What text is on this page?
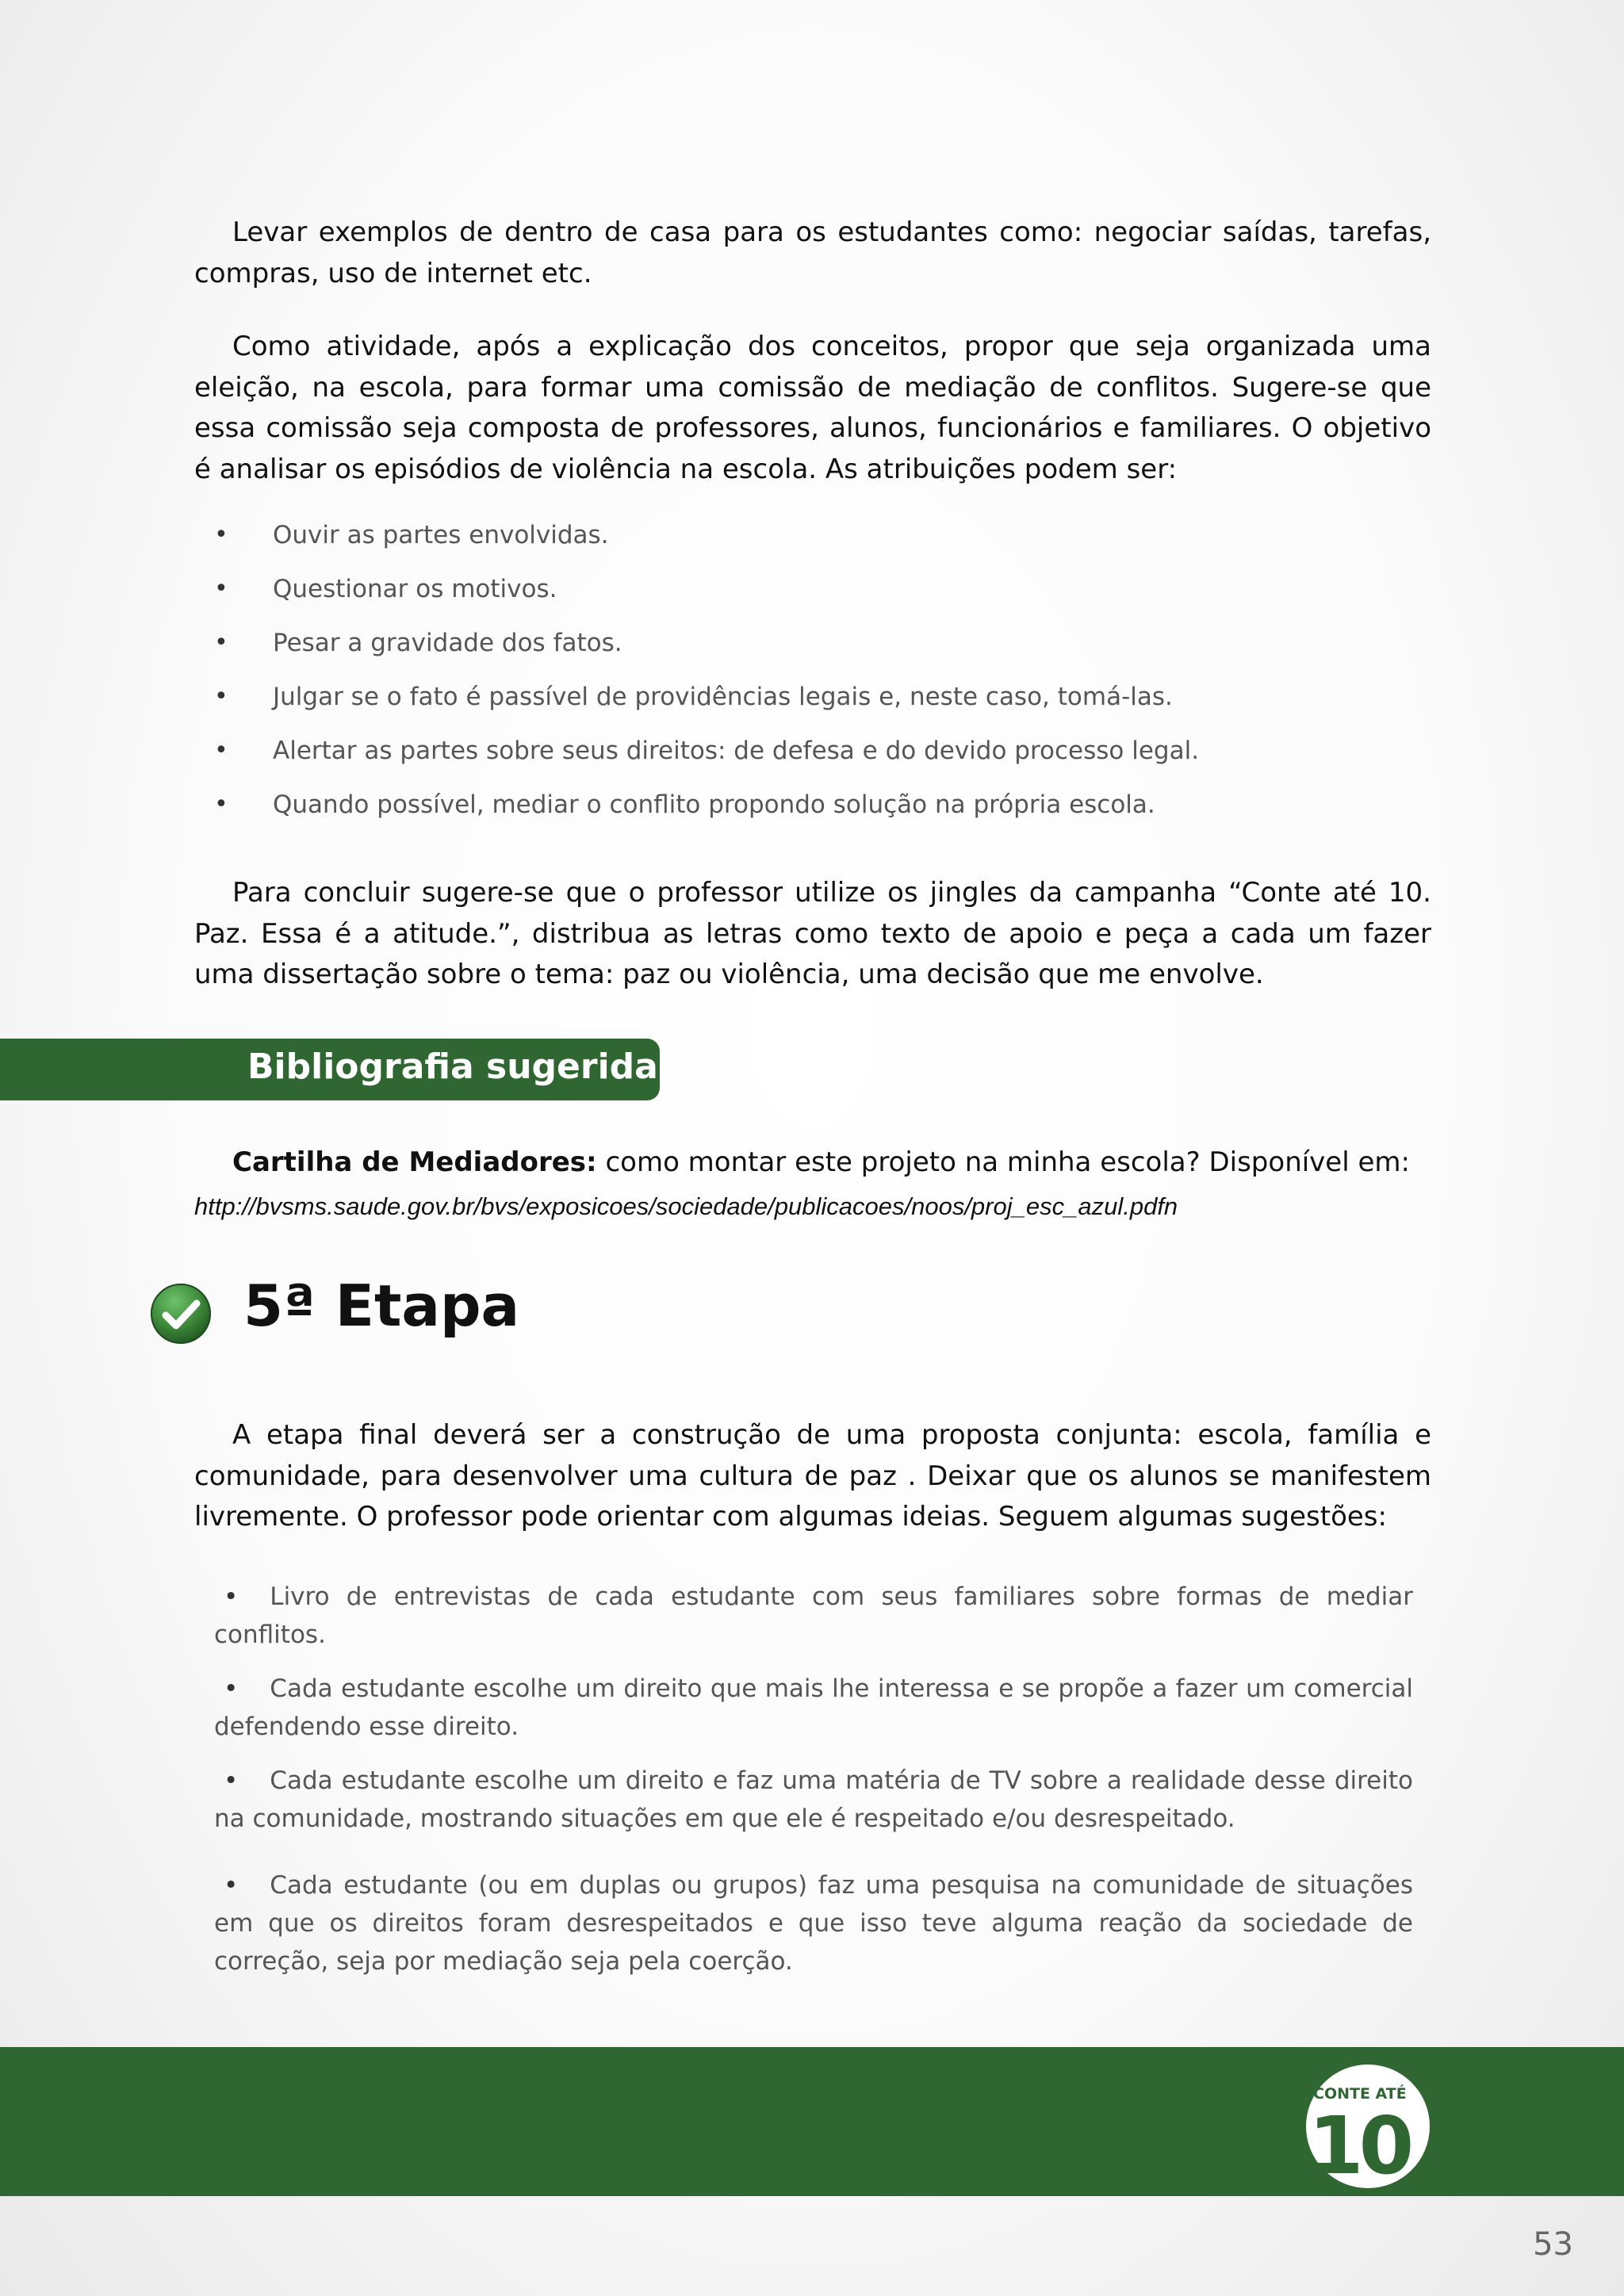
Levar exemplos de dentro de casa para os estudantes como: negociar saídas, tarefas, compras, uso de internet etc.

Como atividade, após a explicação dos conceitos, propor que seja organizada uma eleição, na escola, para formar uma comissão de mediação de conflitos. Sugere-se que essa comissão seja composta de professores, alunos, funcionários e familiares. O objetivo é analisar os episódios de violência na escola. As atribuições podem ser:

• Ouvir as partes envolvidas.
• Questionar os motivos.
• Pesar a gravidade dos fatos.
• Julgar se o fato é passível de providências legais e, neste caso, tomá-las.
• Alertar as partes sobre seus direitos: de defesa e do devido processo legal.
• Quando possível, mediar o conflito propondo solução na própria escola.

Para concluir sugere-se que o professor utilize os jingles da campanha “Conte até 10. Paz. Essa é a atitude.”, distribua as letras como texto de apoio e peça a cada um fazer uma dissertação sobre o tema: paz ou violência, uma decisão que me envolve.

Bibliografia sugerida

Cartilha de Mediadores: como montar este projeto na minha escola? Disponível em:

http://bvsms.saude.gov.br/bvs/exposicoes/sociedade/publicacoes/noos/proj_esc_azul.pdfn

5ª Etapa

A etapa final deverá ser a construção de uma proposta conjunta: escola, família e comunidade, para desenvolver uma cultura de paz . Deixar que os alunos se manifestem livremente. O professor pode orientar com algumas ideias. Seguem algumas sugestões:

• Livro de entrevistas de cada estudante com seus familiares sobre formas de mediar conflitos.
• Cada estudante escolhe um direito que mais lhe interessa e se propõe a fazer um comercial defendendo esse direito.
• Cada estudante escolhe um direito e faz uma matéria de TV sobre a realidade desse direito na comunidade, mostrando situações em que ele é respeitado e/ou desrespeitado.
• Cada estudante (ou em duplas ou grupos) faz uma pesquisa na comunidade de situações em que os direitos foram desrespeitados e que isso teve alguma reação da sociedade de correção, seja por mediação seja pela coerção.
CONTE ATÉ
10
53
